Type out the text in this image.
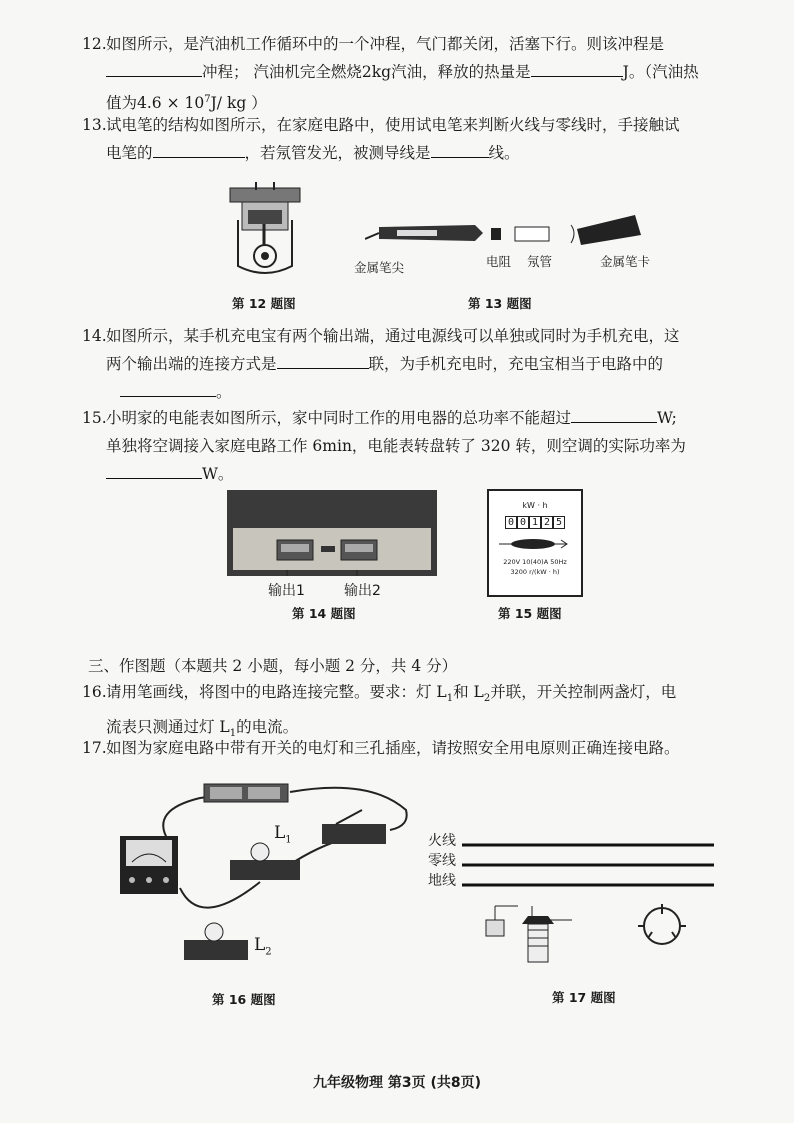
12.如图所示，是汽油机工作循环中的一个冲程，气门都关闭，活塞下行。则该冲程是
冲程； 汽油机完全燃烧2kg汽油，释放的热量是	J。（汽油热
值为$4.6 \times 10^7J/$ kg ）
13.试电笔的结构如图所示，在家庭电路中，使用试电笔来判断火线与零线时，手接触试
电笔的	，若氖管发光，被测导线是	线。
第 12 题图
金属笔尖	电阻 氖管	金属笔卡
第 13 题图
14.如图所示，某手机充电宝有两个输出端，通过电源线可以单独或同时为手机充电，这
两个输出端的连接方式是	联，为手机充电时，充电宝相当于电路中的
。
15.小明家的电能表如图所示，家中同时工作的用电器的总功率不能超过	W;
单独将空调接入家庭电路工作 6min，电能表转盘转了 320 转，则空调的实际功率为
W。
输出1	输出2
第 14 题图
kW · h
0 0 1 2 5
220V 10(40)A 50Hz
3200 r/(kW · h)
第 15 题图
三、作图题（本题共 2 小题，每小题 2 分，共 4 分）
16.请用笔画线，将图中的电路连接完整。要求：灯 $L_1$和 $L_2$并联，开关控制两盏灯，电
流表只测通过灯 $L_1$的电流。
17.如图为家庭电路中带有开关的电灯和三孔插座，请按照安全用电原则正确连接电路。
$L_1$
$L_2$
第 16 题图
火线
零线
地线
第 17 题图
九年级物理 第3页 (共8页)
